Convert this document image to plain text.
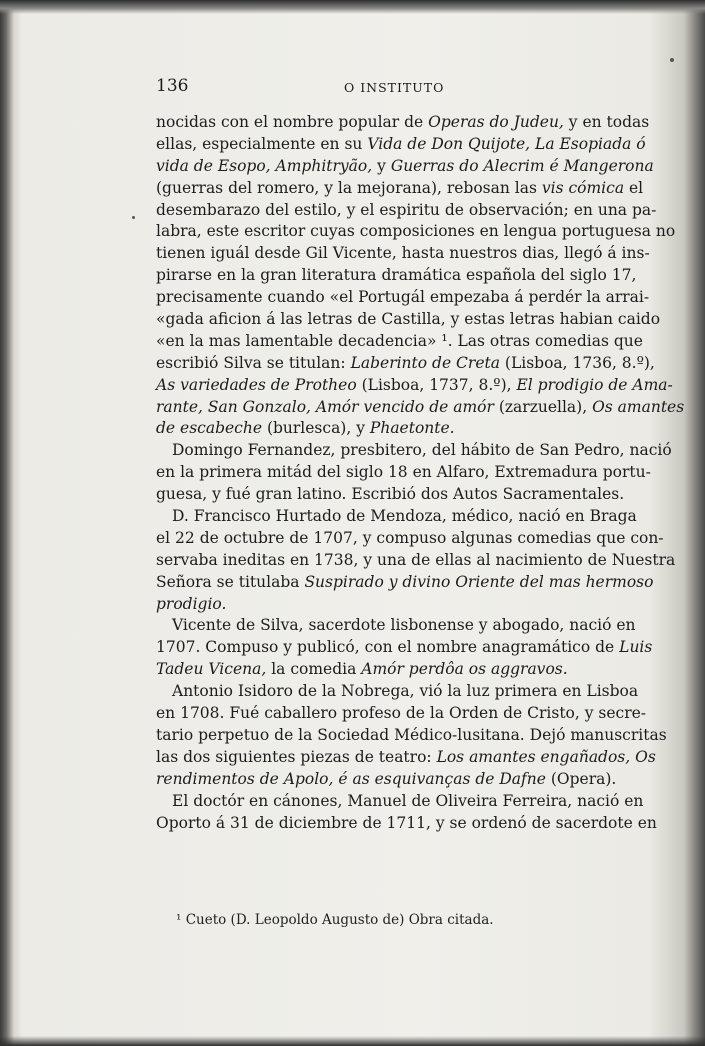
136	O INSTITUTO
nocidas con el nombre popular de Operas do Judeu, y en todas
ellas, especialmente en su Vida de Don Quijote, La Esopiada ó
vida de Esopo, Amphitryão, y Guerras do Alecrim é Mangerona
(guerras del romero, y la mejorana), rebosan las vis cómica el
desembarazo del estilo, y el espiritu de observación; en una pa-
labra, este escritor cuyas composiciones en lengua portuguesa no
tienen iguál desde Gil Vicente, hasta nuestros dias, llegó á ins-
pirarse en la gran literatura dramática española del siglo 17,
precisamente cuando «el Portugál empezaba á perdér la arrai-
«gada aficion á las letras de Castilla, y estas letras habian caido
«en la mas lamentable decadencia» ¹. Las otras comedias que
escribió Silva se titulan: Laberinto de Creta (Lisboa, 1736, 8.º),
As variedades de Protheo (Lisboa, 1737, 8.º), El prodigio de Ama-
rante, San Gonzalo, Amór vencido de amór (zarzuella), Os amantes
de escabeche (burlesca), y Phaetonte.
Domingo Fernandez, presbitero, del hábito de San Pedro, nació
en la primera mitád del siglo 18 en Alfaro, Extremadura portu-
guesa, y fué gran latino. Escribió dos Autos Sacramentales.
D. Francisco Hurtado de Mendoza, médico, nació en Braga
el 22 de octubre de 1707, y compuso algunas comedias que con-
servaba ineditas en 1738, y una de ellas al nacimiento de Nuestra
Señora se titulaba Suspirado y divino Oriente del mas hermoso
prodigio.
Vicente de Silva, sacerdote lisbonense y abogado, nació en
1707. Compuso y publicó, con el nombre anagramático de Luis
Tadeu Vicena, la comedia Amór perdôa os aggravos.
Antonio Isidoro de la Nobrega, vió la luz primera en Lisboa
en 1708. Fué caballero profeso de la Orden de Cristo, y secre-
tario perpetuo de la Sociedad Médico-lusitana. Dejó manuscritas
las dos siguientes piezas de teatro: Los amantes engañados, Os
rendimentos de Apolo, é as esquivanças de Dafne (Opera).
El doctór en cánones, Manuel de Oliveira Ferreira, nació en
Oporto á 31 de diciembre de 1711, y se ordenó de sacerdote en
¹ Cueto (D. Leopoldo Augusto de) Obra citada.
